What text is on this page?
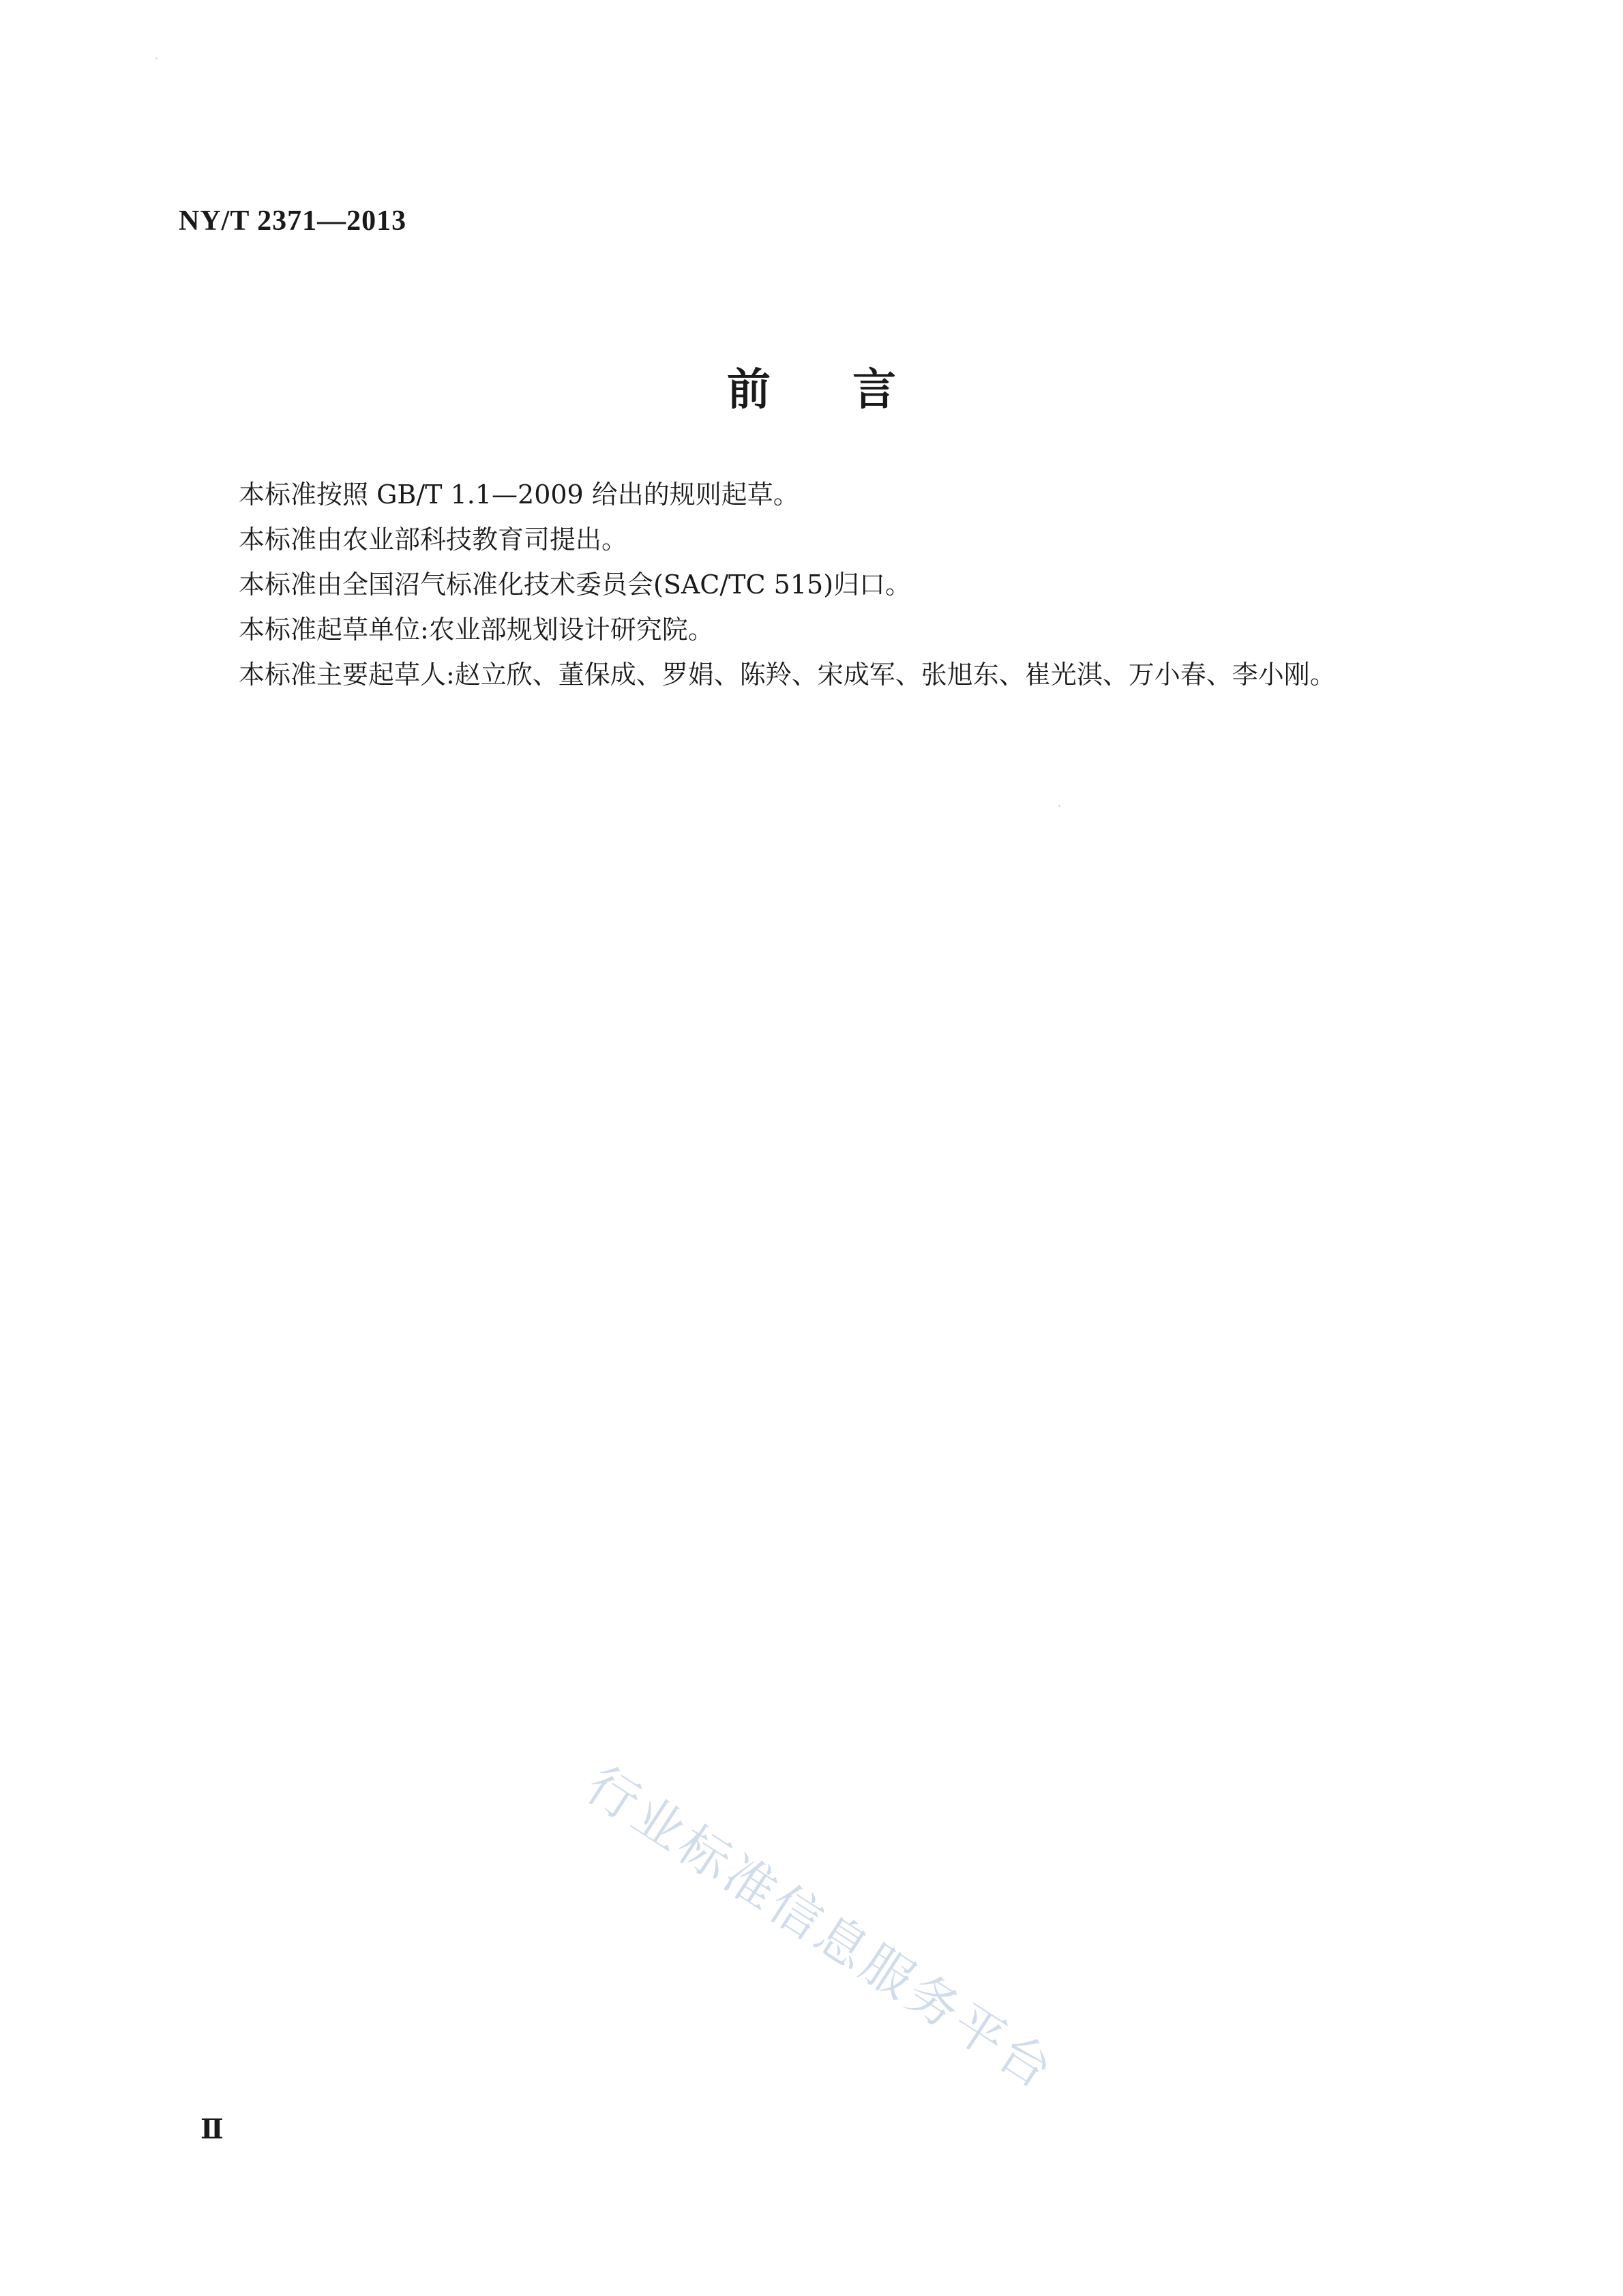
NY/T 2371—2013
前言

本标准按照 GB/T 1.1—2009 给出的规则起草。

本标准由农业部科技教育司提出。

本标准由全国沼气标准化技术委员会(SAC/TC 515)归口。

本标准起草单位:农业部规划设计研究院。

本标准主要起草人:赵立欣、董保成、罗娟、陈羚、宋成军、张旭东、崔光淇、万小春、李小刚。

行业标准信息服务平台
Ⅱ
